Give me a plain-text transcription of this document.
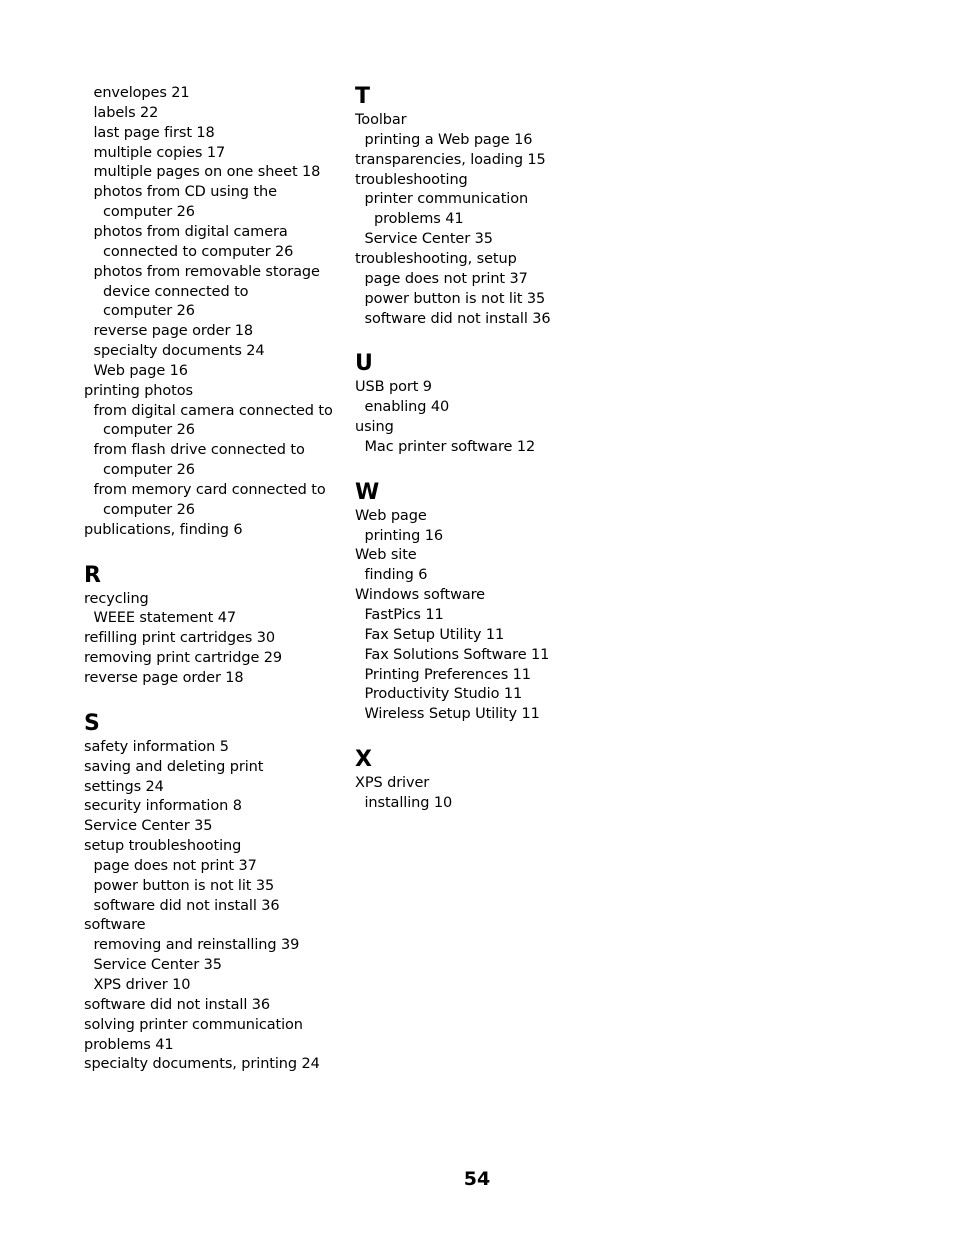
envelopes 21
labels 22
last page first 18
multiple copies 17
multiple pages on one sheet 18
photos from CD using the
computer 26
photos from digital camera
connected to computer 26
photos from removable storage
device connected to
computer 26
reverse page order 18
specialty documents 24
Web page 16
printing photos
from digital camera connected to
computer 26
from flash drive connected to
computer 26
from memory card connected to
computer 26
publications, finding 6
R
recycling
WEEE statement 47
refilling print cartridges 30
removing print cartridge 29
reverse page order 18
S
safety information 5
saving and deleting print
settings 24
security information 8
Service Center 35
setup troubleshooting
page does not print 37
power button is not lit 35
software did not install 36
software
removing and reinstalling 39
Service Center 35
XPS driver 10
software did not install 36
solving printer communication
problems 41
specialty documents, printing 24
T
Toolbar
printing a Web page 16
transparencies, loading 15
troubleshooting
printer communication
problems 41
Service Center 35
troubleshooting, setup
page does not print 37
power button is not lit 35
software did not install 36
U
USB port 9
enabling 40
using
Mac printer software 12
W
Web page
printing 16
Web site
finding 6
Windows software
FastPics 11
Fax Setup Utility 11
Fax Solutions Software 11
Printing Preferences 11
Productivity Studio 11
Wireless Setup Utility 11
X
XPS driver
installing 10
54
